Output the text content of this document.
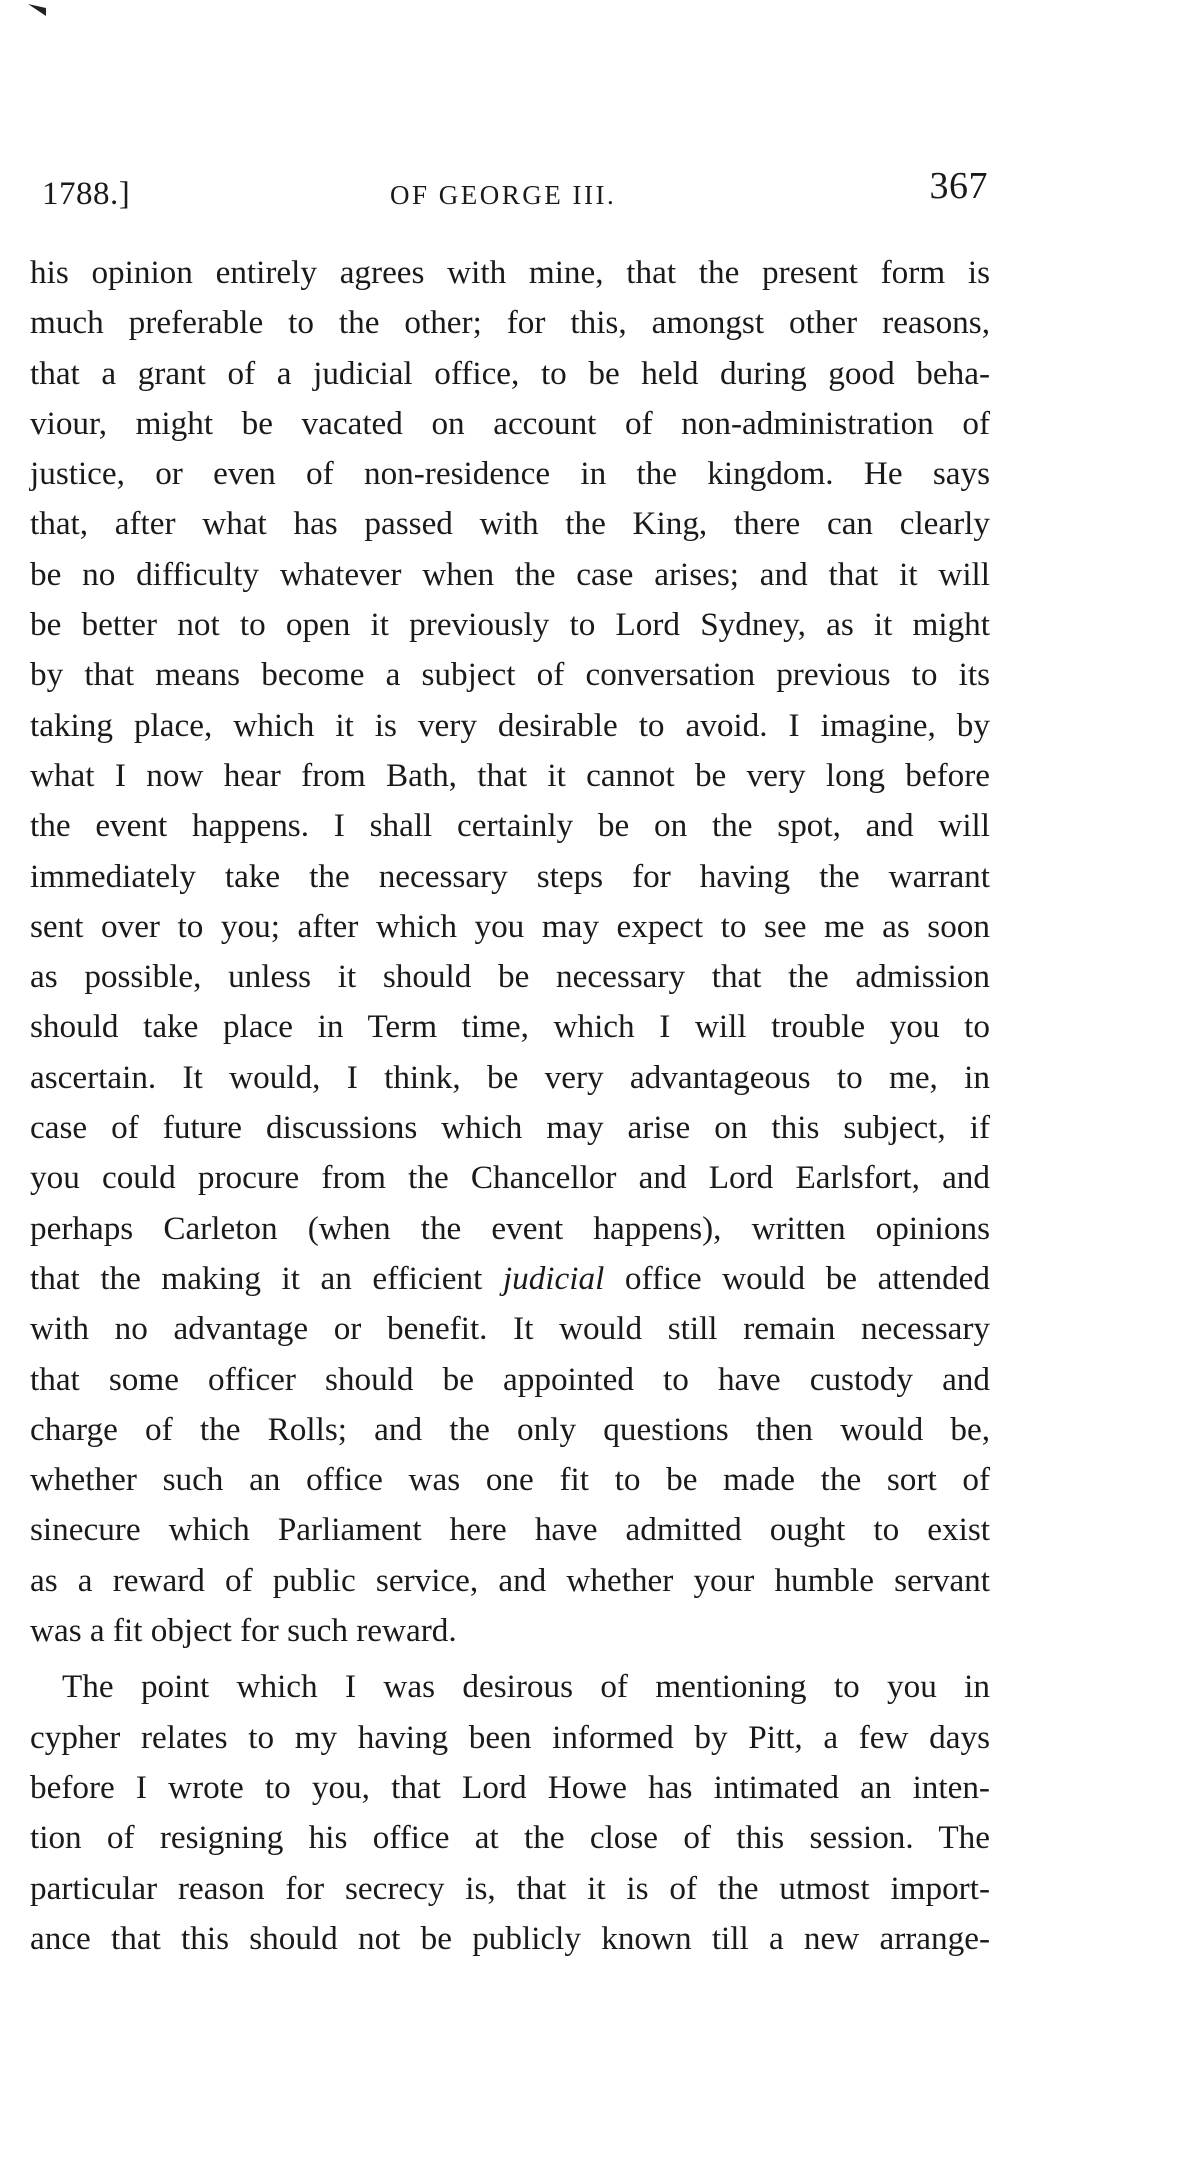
1788.]	OF GEORGE III.	367
his opinion entirely agrees with mine, that the present form is
much preferable to the other; for this, amongst other reasons,
that a grant of a judicial office, to be held during good beha-
viour, might be vacated on account of non-administration of
justice, or even of non-residence in the kingdom. He says
that, after what has passed with the King, there can clearly
be no difficulty whatever when the case arises; and that it will
be better not to open it previously to Lord Sydney, as it might
by that means become a subject of conversation previous to its
taking place, which it is very desirable to avoid. I imagine, by
what I now hear from Bath, that it cannot be very long before
the event happens. I shall certainly be on the spot, and will
immediately take the necessary steps for having the warrant
sent over to you; after which you may expect to see me as soon
as possible, unless it should be necessary that the admission
should take place in Term time, which I will trouble you to
ascertain. It would, I think, be very advantageous to me, in
case of future discussions which may arise on this subject, if
you could procure from the Chancellor and Lord Earlsfort, and
perhaps Carleton (when the event happens), written opinions
that the making it an efficient judicial office would be attended
with no advantage or benefit. It would still remain necessary
that some officer should be appointed to have custody and
charge of the Rolls; and the only questions then would be,
whether such an office was one fit to be made the sort of
sinecure which Parliament here have admitted ought to exist
as a reward of public service, and whether your humble servant
was a fit object for such reward.
The point which I was desirous of mentioning to you in
cypher relates to my having been informed by Pitt, a few days
before I wrote to you, that Lord Howe has intimated an inten-
tion of resigning his office at the close of this session. The
particular reason for secrecy is, that it is of the utmost import-
ance that this should not be publicly known till a new arrange-
